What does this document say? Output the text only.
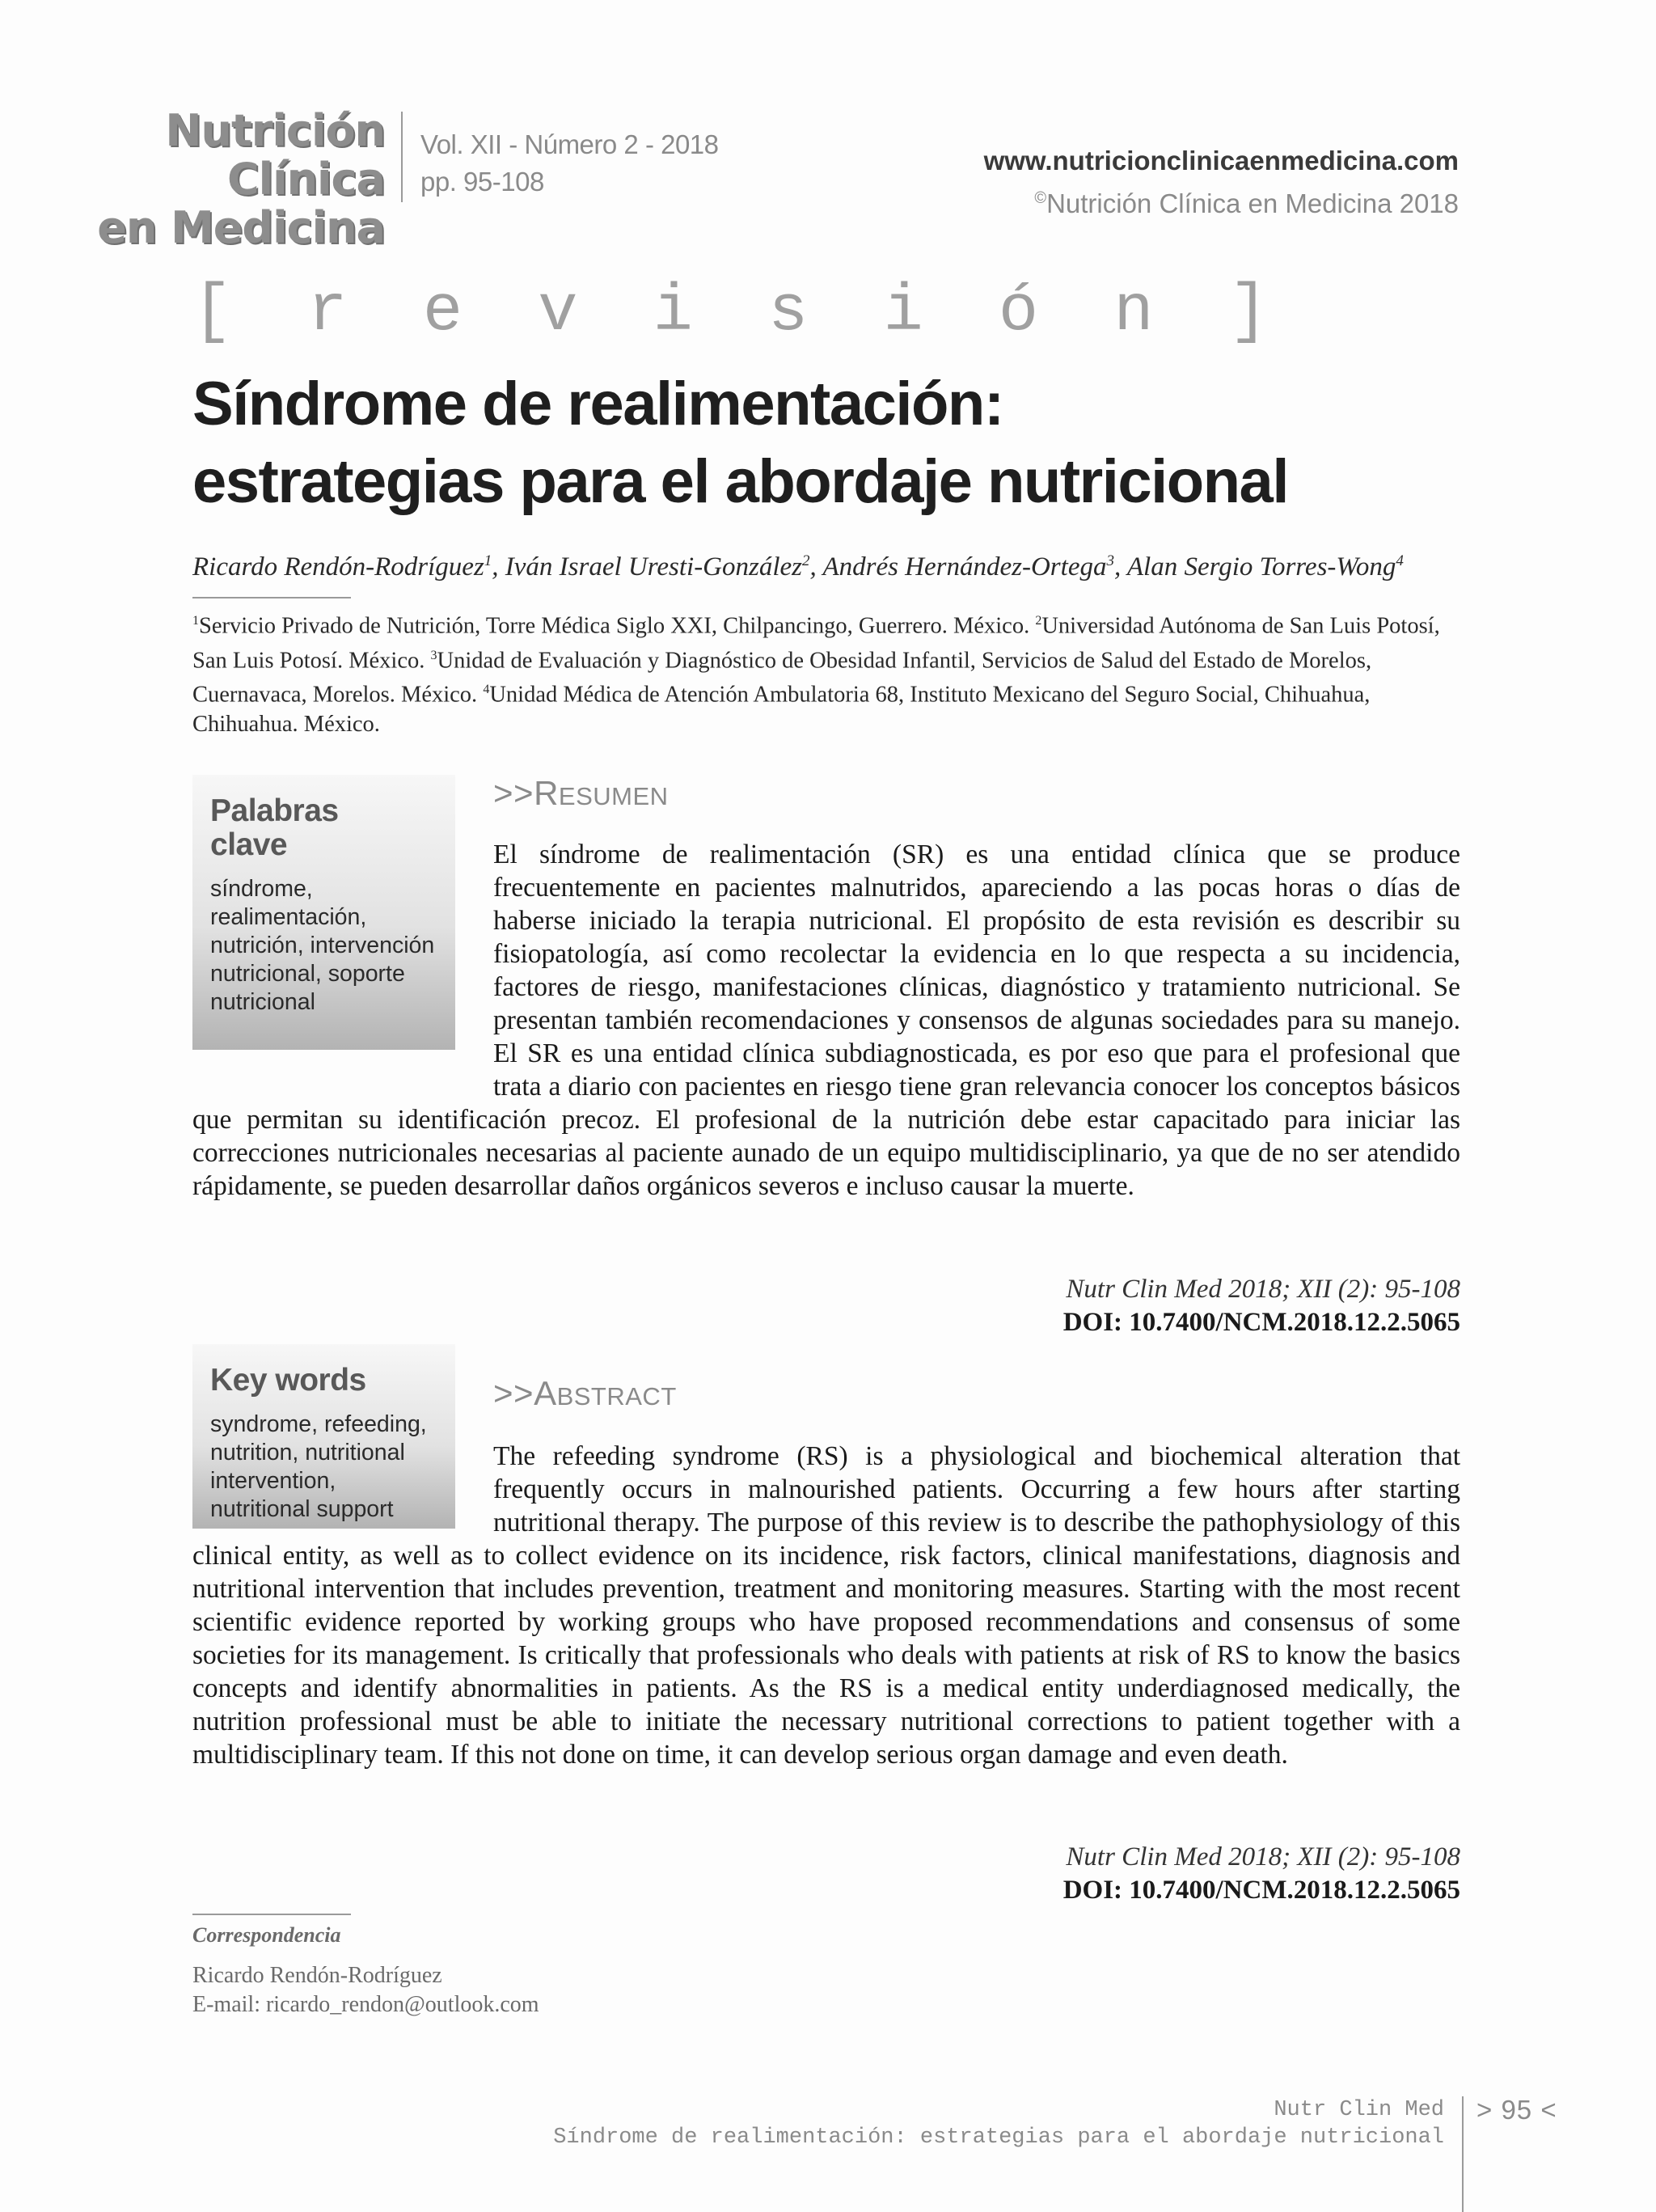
Nutrición Clínica
en Medicina
Vol. XII - Número 2 - 2018
pp. 95-108
www.nutricionclinicaenmedicina.com
©Nutrición Clínica en Medicina 2018
[ r e v i s i ó n ]
Síndrome de realimentación:
estrategias para el abordaje nutricional
Ricardo Rendón-Rodríguez$^1$, Iván Israel Uresti-González$^2$, Andrés Hernández-Ortega$^3$, Alan Sergio Torres-Wong$^4$
$^1$Servicio Privado de Nutrición, Torre Médica Siglo XXI, Chilpancingo, Guerrero. México. $^2$Universidad Autónoma de San Luis Potosí, San Luis Potosí. México. $^3$Unidad de Evaluación y Diagnóstico de Obesidad Infantil, Servicios de Salud del Estado de Morelos, Cuernavaca, Morelos. México. $^4$Unidad Médica de Atención Ambulatoria 68, Instituto Mexicano del Seguro Social, Chihuahua, Chihuahua. México.
Palabras
clave
síndrome, realimentación, nutrición, intervención nutricional, soporte nutricional
>>RESUMEN
El síndrome de realimentación (SR) es una entidad clínica que se produce frecuentemente en pacientes malnutridos, apareciendo a las pocas horas o días de haberse iniciado la terapia nutricional. El propósito de esta revisión es describir su fisiopatología, así como recolectar la evidencia en lo que respecta a su incidencia, factores de riesgo, manifestaciones clínicas, diagnóstico y tratamiento nutricional. Se presentan también recomendaciones y consensos de algunas sociedades para su manejo. El SR es una entidad clínica subdiagnosticada, es por eso que para el profesional que trata a diario con pacientes en riesgo tiene gran relevancia conocer los conceptos básicos que permitan su identificación precoz. El profesional de la nutrición debe estar capacitado para iniciar las correcciones nutricionales necesarias al paciente aunado de un equipo multidisciplinario, ya que de no ser atendido rápidamente, se pueden desarrollar daños orgánicos severos e incluso causar la muerte.
Nutr Clin Med 2018; XII (2): 95-108
DOI: 10.7400/NCM.2018.12.2.5065
Key words
syndrome, refeeding, nutrition, nutritional intervention, nutritional support
>>ABSTRACT
The refeeding syndrome (RS) is a physiological and biochemical alteration that frequently occurs in malnourished patients. Occurring a few hours after starting nutritional therapy. The purpose of this review is to describe the pathophysiology of this clinical entity, as well as to collect evidence on its incidence, risk factors, clinical manifestations, diagnosis and nutritional intervention that includes prevention, treatment and monitoring measures. Starting with the most recent scientific evidence reported by working groups who have proposed recommendations and consensus of some societies for its management. Is critically that professionals who deals with patients at risk of RS to know the basics concepts and identify abnormalities in patients. As the RS is a medical entity underdiagnosed medically, the nutrition professional must be able to initiate the necessary nutritional corrections to patient together with a multidisciplinary team. If this not done on time, it can develop serious organ damage and even death.
Nutr Clin Med 2018; XII (2): 95-108
DOI: 10.7400/NCM.2018.12.2.5065
Correspondencia
Ricardo Rendón-Rodríguez
E-mail: ricardo_rendon@outlook.com
Nutr Clin Med
Síndrome de realimentación: estrategias para el abordaje nutricional
> 95 <
